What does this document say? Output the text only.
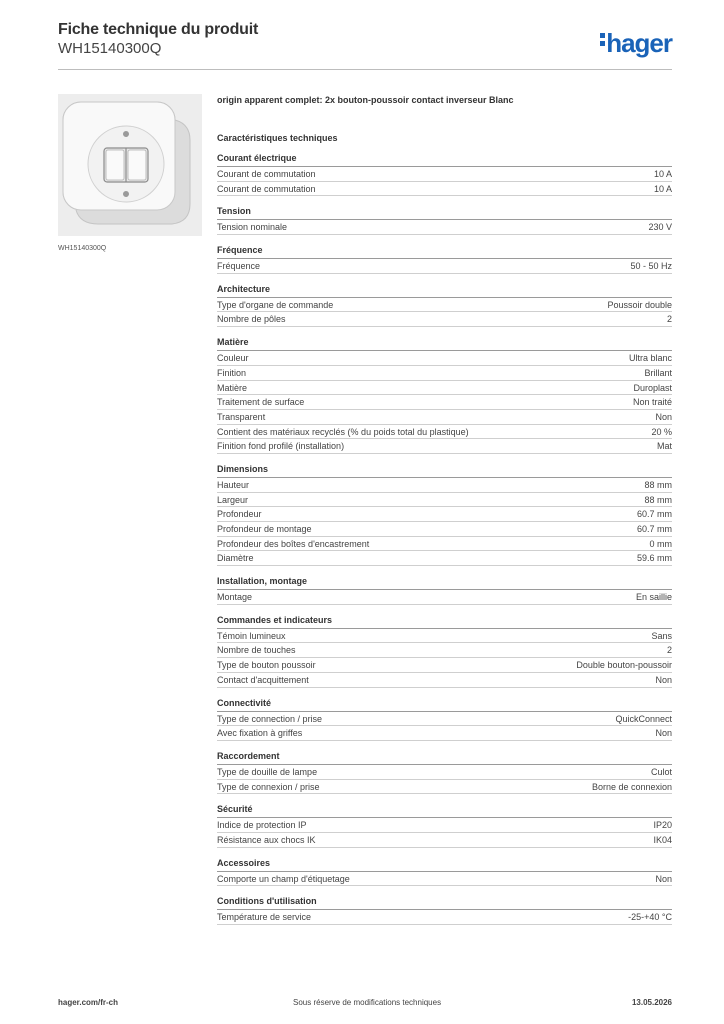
Fiche technique du produit
WH15140300Q	hager
WH15140300Q
origin apparent complet: 2x bouton-poussoir contact inverseur Blanc
Caractéristiques techniques
Courant électrique
Courant de commutation	10 A
Courant de commutation	10 A
Tension
Tension nominale	230 V
Fréquence
Fréquence	50 - 50 Hz
Architecture
Type d'organe de commande	Poussoir double
Nombre de pôles	2
Matière
Couleur	Ultra blanc
Finition	Brillant
Matière	Duroplast
Traitement de surface	Non traité
Transparent	Non
Contient des matériaux recyclés (% du poids total du plastique)	20 %
Finition fond profilé (installation)	Mat
Dimensions
Hauteur	88 mm
Largeur	88 mm
Profondeur	60.7 mm
Profondeur de montage	60.7 mm
Profondeur des boîtes d'encastrement	0 mm
Diamètre	59.6 mm
Installation, montage
Montage	En saillie
Commandes et indicateurs
Témoin lumineux	Sans
Nombre de touches	2
Type de bouton poussoir	Double bouton-poussoir
Contact d'acquittement	Non
Connectivité
Type de connection / prise	QuickConnect
Avec fixation à griffes	Non
Raccordement
Type de douille de lampe	Culot
Type de connexion / prise	Borne de connexion
Sécurité
Indice de protection IP	IP20
Résistance aux chocs IK	IK04
Accessoires
Comporte un champ d'étiquetage	Non
Conditions d'utilisation
Température de service	-25-+40 °C
hager.com/fr-ch	Sous réserve de modifications techniques	13.05.2026
